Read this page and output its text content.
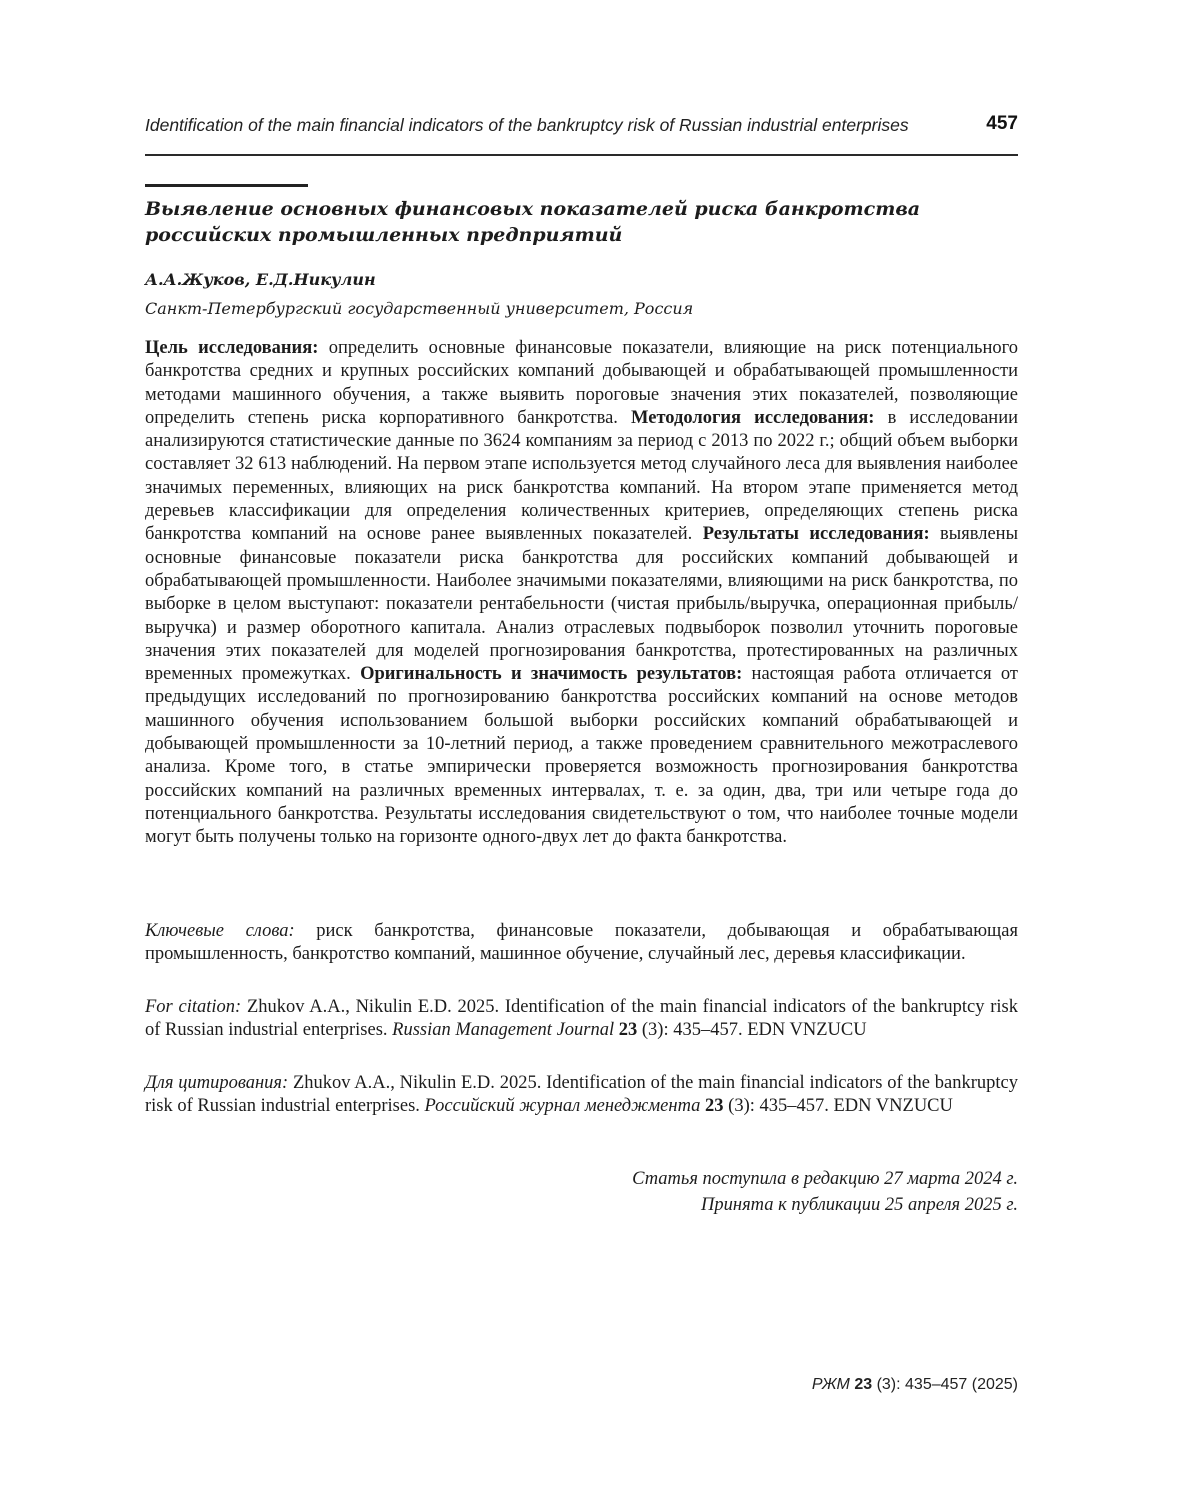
Identification of the main financial indicators of the bankruptcy risk of Russian industrial enterprises	457
Выявление основных финансовых показателей риска банкротства
российских промышленных предприятий
А.А.Жуков, Е.Д.Никулин
Санкт-Петербургский государственный университет, Россия
Цель исследования: определить основные финансовые показатели, влияющие на риск потенциального банкротства средних и крупных российских компаний добывающей и обрабатывающей промышленности методами машинного обучения, а также выявить пороговые значения этих показателей, позволяющие определить степень риска корпоративного банкротства. Методология исследования: в исследовании анализируются статистические данные по 3624 компаниям за период с 2013 по 2022 г.; общий объем выборки составляет 32 613 наблюдений. На первом этапе используется метод случайного леса для выявления наиболее значимых переменных, влияющих на риск банкротства компаний. На втором этапе применяется метод деревьев классификации для определения количественных критериев, определяющих степень риска банкротства компаний на основе ранее выявленных показателей. Результаты исследования: выявлены основные финансовые показатели риска банкротства для российских компаний добывающей и обрабатывающей промышленности. Наиболее значимыми показателями, влияющими на риск банкротства, по выборке в целом выступают: показатели рентабельности (чистая прибыль/выручка, операционная прибыль/выручка) и размер оборотного капитала. Анализ отраслевых подвыборок позволил уточнить пороговые значения этих показателей для моделей прогнозирования банкротства, протестированных на различных временных промежутках. Оригинальность и значимость результатов: настоящая работа отличается от предыдущих исследований по прогнозированию банкротства российских компаний на основе методов машинного обучения использованием большой выборки российских компаний обрабатывающей и добывающей промышленности за 10-летний период, а также проведением сравнительного межотраслевого анализа. Кроме того, в статье эмпирически проверяется возможность прогнозирования банкротства российских компаний на различных временных интервалах, т. е. за один, два, три или четыре года до потенциального банкротства. Результаты исследования свидетельствуют о том, что наиболее точные модели могут быть получены только на горизонте одного-двух лет до факта банкротства.
Ключевые слова: риск банкротства, финансовые показатели, добывающая и обрабатывающая промышленность, банкротство компаний, машинное обучение, случайный лес, деревья классификации.
For citation: Zhukov A.A., Nikulin E.D. 2025. Identification of the main financial indicators of the bankruptcy risk of Russian industrial enterprises. Russian Management Journal 23 (3): 435–457. EDN VNZUCU
Для цитирования: Zhukov A.A., Nikulin E.D. 2025. Identification of the main financial indicators of the bankruptcy risk of Russian industrial enterprises. Российский журнал менеджмента 23 (3): 435–457. EDN VNZUCU
Статья поступила в редакцию 27 марта 2024 г.
Принята к публикации 25 апреля 2025 г.
РЖМ 23 (3): 435–457 (2025)
